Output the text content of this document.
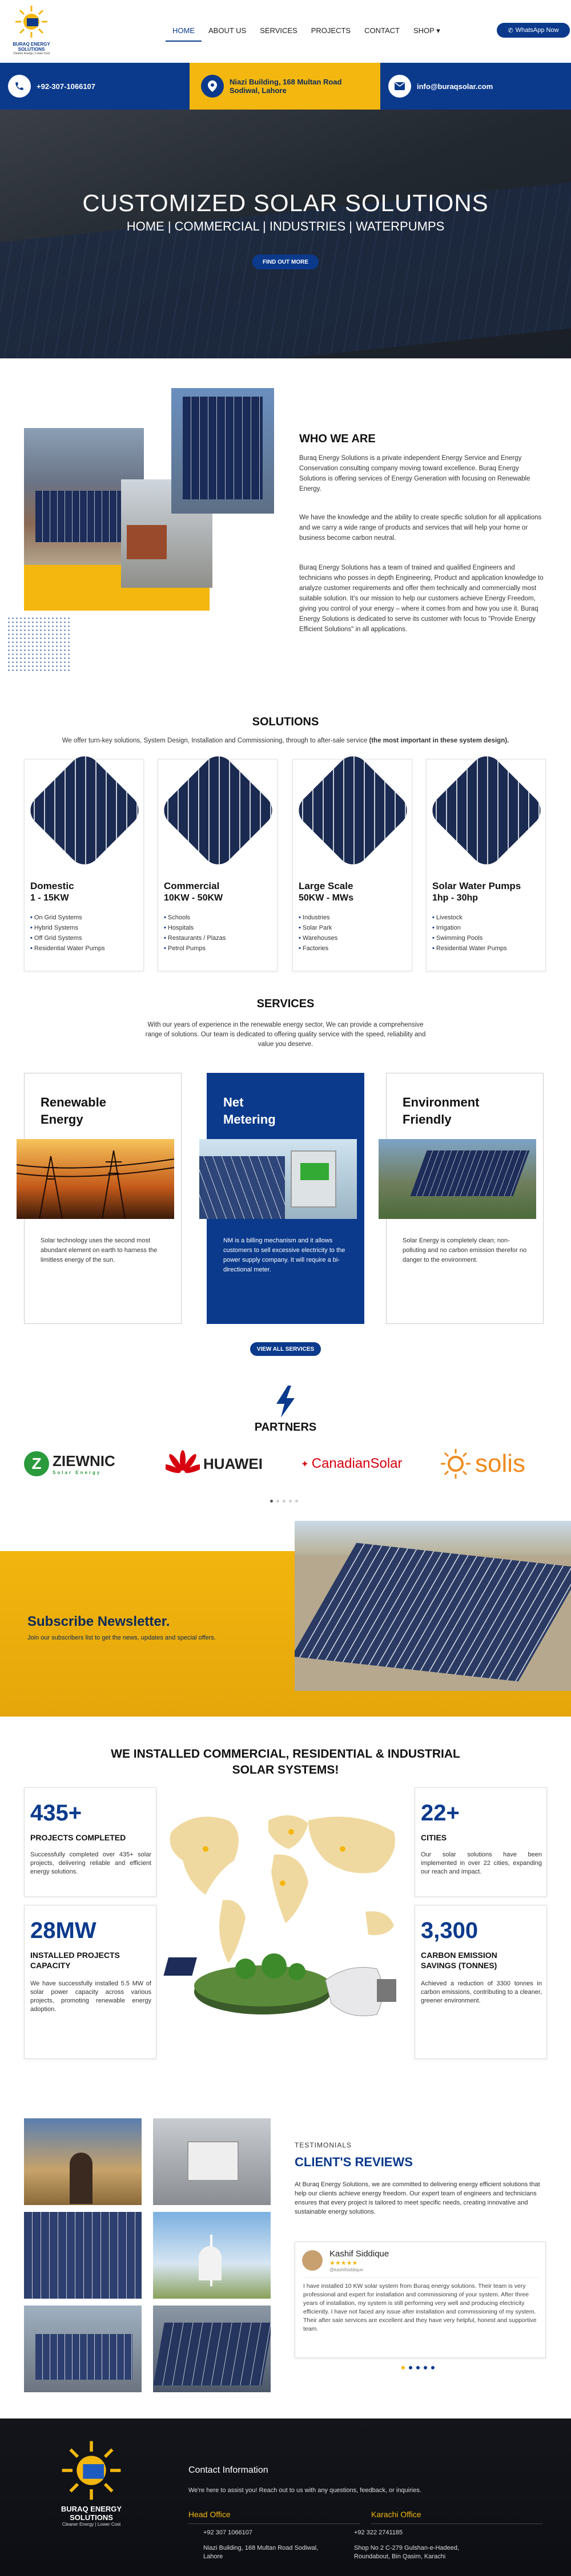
BURAQ ENERGY SOLUTIONS
Cleaner Energy | Lower Cost
HOME	ABOUT US	SERVICES	PROJECTS	CONTACT	SHOP ▾	✆ WhatsApp Now
+92-307-1066107	Niazi Building, 168 Multan Road
Sodiwal, Lahore	info@buraqsolar.com
CUSTOMIZED SOLAR SOLUTIONS
HOME | COMMERCIAL | INDUSTRIES | WATERPUMPS
FIND OUT MORE
WHO WE ARE

Buraq Energy Solutions is a private independent Energy Service and Energy Conservation consulting company moving toward excellence. Buraq Energy Solutions is offering services of Energy Generation with focusing on Renewable Energy.

We have the knowledge and the ability to create specific solution for all applications and we carry a wide range of products and services that will help your home or business become carbon neutral.

Buraq Energy Solutions has a team of trained and qualified Engineers and technicians who posses in depth Engineering, Product and application knowledge to analyze customer requirements and offer them technically and commercially most suitable solution. It's our mission to help our customers achieve Energy Freedom, giving you control of your energy – where it comes from and how you use it. Buraq Energy Solutions is dedicated to serve its customer with focus to "Provide Energy Efficient Solutions" in all applications.

SOLUTIONS

We offer turn-key solutions, System Design, Installation and Commissioning, through to after-sale service (the most important in these system design).

Domestic
1 - 15KW
• On Grid Systems
• Hybrid Systems
• Off Grid Systems
• Residential Water Pumps
Commercial
10KW - 50KW
• Schools
• Hospitals
• Restaurants / Plazas
• Petrol Pumps
Large Scale
50KW - MWs
• Industries
• Solar Park
• Warehouses
• Factories
Solar Water Pumps
1hp - 30hp
• Livestock
• Irrigation
• Swimming Pools
• Residential Water Pumps
SERVICES

With our years of experience in the renewable energy sector, We can provide a comprehensive range of solutions. Our team is dedicated to offering quality service with the speed, reliability and value you deserve.

Renewable
Energy

Solar technology uses the second most abundant element on earth to harness the limitless energy of the sun.

Net
Metering

NM is a billing mechanism and it allows customers to sell excessive electricity to the power supply company. It will require a bi-directional meter.

Environment
Friendly

Solar Energy is completely clean; non-polluting and no carbon emission therefor no danger to the environment.

VIEW ALL SERVICES
PARTNERS
Z ZIEWNIC
Solar Energy
HUAWEI	✦ CanadianSolar	solis
Subscribe Newsletter.
Join our subscribers list to get the news, updates and special offers.
WE INSTALLED COMMERCIAL, RESIDENTIAL & INDUSTRIAL
SOLAR SYSTEMS!
435+
PROJECTS COMPLETED

Successfully completed over 435+ solar projects, delivering reliable and efficient energy solutions.

22+
CITIES

Our solar solutions have been implemented in over 22 cities, expanding our reach and impact.

28MW
INSTALLED PROJECTS
CAPACITY

We have successfully installed 5.5 MW of solar power capacity across various projects, promoting renewable energy adoption.

3,300
CARBON EMISSION
SAVINGS (TONNES)

Achieved a reduction of 3300 tonnes in carbon emissions, contributing to a cleaner, greener environment.

TESTIMONIALS
CLIENT'S REVIEWS

At Buraq Energy Solutions, we are committed to delivering energy efficient solutions that help our clients achieve energy freedom. Our expert team of engineers and technicians ensures that every project is tailored to meet specific needs, creating innovative and sustainable energy solutions.

Kashif Siddique
★★★★★
@kashifsiddique

I have installed 10 KW solar system from Buraq energy solutions. Their team is very professional and expert for installation and commissioning of your system. After three years of installation, my system is still performing very well and producing electricity efficiently. I have not faced any issue after installation and commissioning of my system. Their after sale services are excellent and they have very helpful, honest and supportive team.

BURAQ ENERGY SOLUTIONS
Cleaner Energy | Lower Cost
Contact Information
We're here to assist you! Reach out to us with any questions, feedback, or inquiries.
Head Office
+92 307 1066107
Niazi Building, 168 Multan Road Sodiwal, Lahore
Karachi Office
+92 322 2741185
Shop No 2 C-279 Gulshan-e-Hadeed, Roundabout, Bin Qasim, Karachi
